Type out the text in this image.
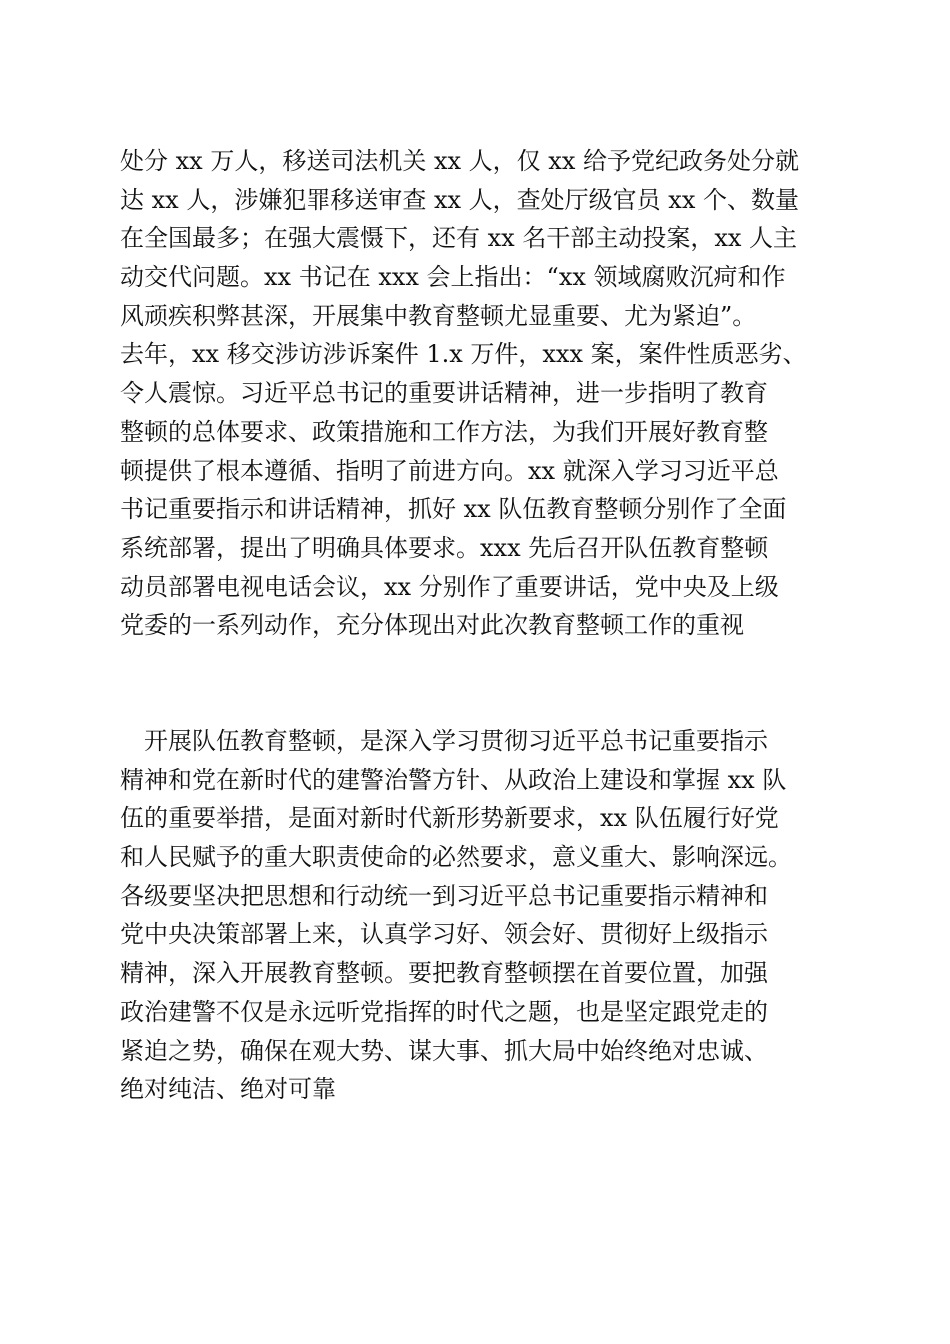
处分 xx 万人，移送司法机关 xx 人，仅 xx 给予党纪政务处分就
达 xx 人，涉嫌犯罪移送审查 xx 人，查处厅级官员 xx 个、数量
在全国最多；在强大震慑下，还有 xx 名干部主动投案，xx 人主
动交代问题。xx 书记在 xxx 会上指出：“xx 领域腐败沉疴和作
风顽疾积弊甚深，开展集中教育整顿尤显重要、尤为紧迫”。
去年，xx 移交涉访涉诉案件 1.x 万件，xxx 案，案件性质恶劣、
令人震惊。习近平总书记的重要讲话精神，进一步指明了教育
整顿的总体要求、政策措施和工作方法，为我们开展好教育整
顿提供了根本遵循、指明了前进方向。xx 就深入学习习近平总
书记重要指示和讲话精神，抓好 xx 队伍教育整顿分别作了全面
系统部署，提出了明确具体要求。xxx 先后召开队伍教育整顿
动员部署电视电话会议，xx 分别作了重要讲话，党中央及上级
党委的一系列动作，充分体现出对此次教育整顿工作的重视
　开展队伍教育整顿，是深入学习贯彻习近平总书记重要指示
精神和党在新时代的建警治警方针、从政治上建设和掌握 xx 队
伍的重要举措，是面对新时代新形势新要求，xx 队伍履行好党
和人民赋予的重大职责使命的必然要求，意义重大、影响深远。
各级要坚决把思想和行动统一到习近平总书记重要指示精神和
党中央决策部署上来，认真学习好、领会好、贯彻好上级指示
精神，深入开展教育整顿。要把教育整顿摆在首要位置，加强
政治建警不仅是永远听党指挥的时代之题，也是坚定跟党走的
紧迫之势，确保在观大势、谋大事、抓大局中始终绝对忠诚、
绝对纯洁、绝对可靠
